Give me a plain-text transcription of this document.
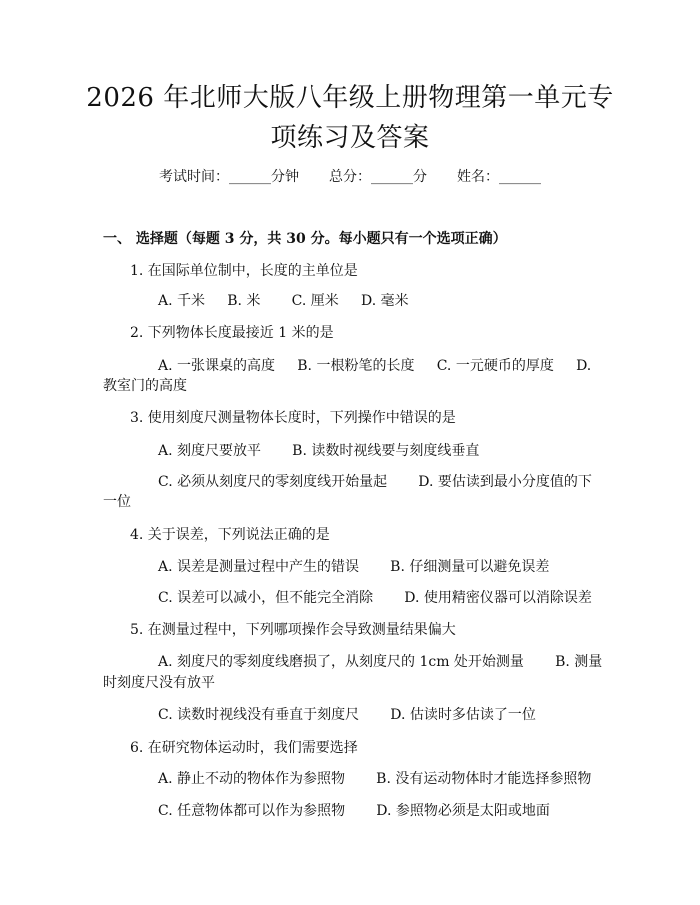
2026 年北师大版八年级上册物理第一单元专
项练习及答案
考试时间：______分钟 总分：______分 姓名：______
一、 选择题（每题 3 分，共 30 分。每小题只有一个选项正确）
1. 在国际单位制中，长度的主单位是
A. 千米     B. 米       C. 厘米     D. 毫米
2. 下列物体长度最接近 1 米的是
A. 一张课桌的高度     B. 一根粉笔的长度     C. 一元硬币的厚度     D.
教室门的高度
3. 使用刻度尺测量物体长度时，下列操作中错误的是
A. 刻度尺要放平       B. 读数时视线要与刻度线垂直
C. 必须从刻度尺的零刻度线开始量起       D. 要估读到最小分度值的下
一位
4. 关于误差，下列说法正确的是
A. 误差是测量过程中产生的错误       B. 仔细测量可以避免误差
C. 误差可以减小，但不能完全消除       D. 使用精密仪器可以消除误差
5. 在测量过程中，下列哪项操作会导致测量结果偏大
A. 刻度尺的零刻度线磨损了，从刻度尺的 1cm 处开始测量       B. 测量
时刻度尺没有放平
C. 读数时视线没有垂直于刻度尺       D. 估读时多估读了一位
6. 在研究物体运动时，我们需要选择
A. 静止不动的物体作为参照物       B. 没有运动物体时才能选择参照物
C. 任意物体都可以作为参照物       D. 参照物必须是太阳或地面
